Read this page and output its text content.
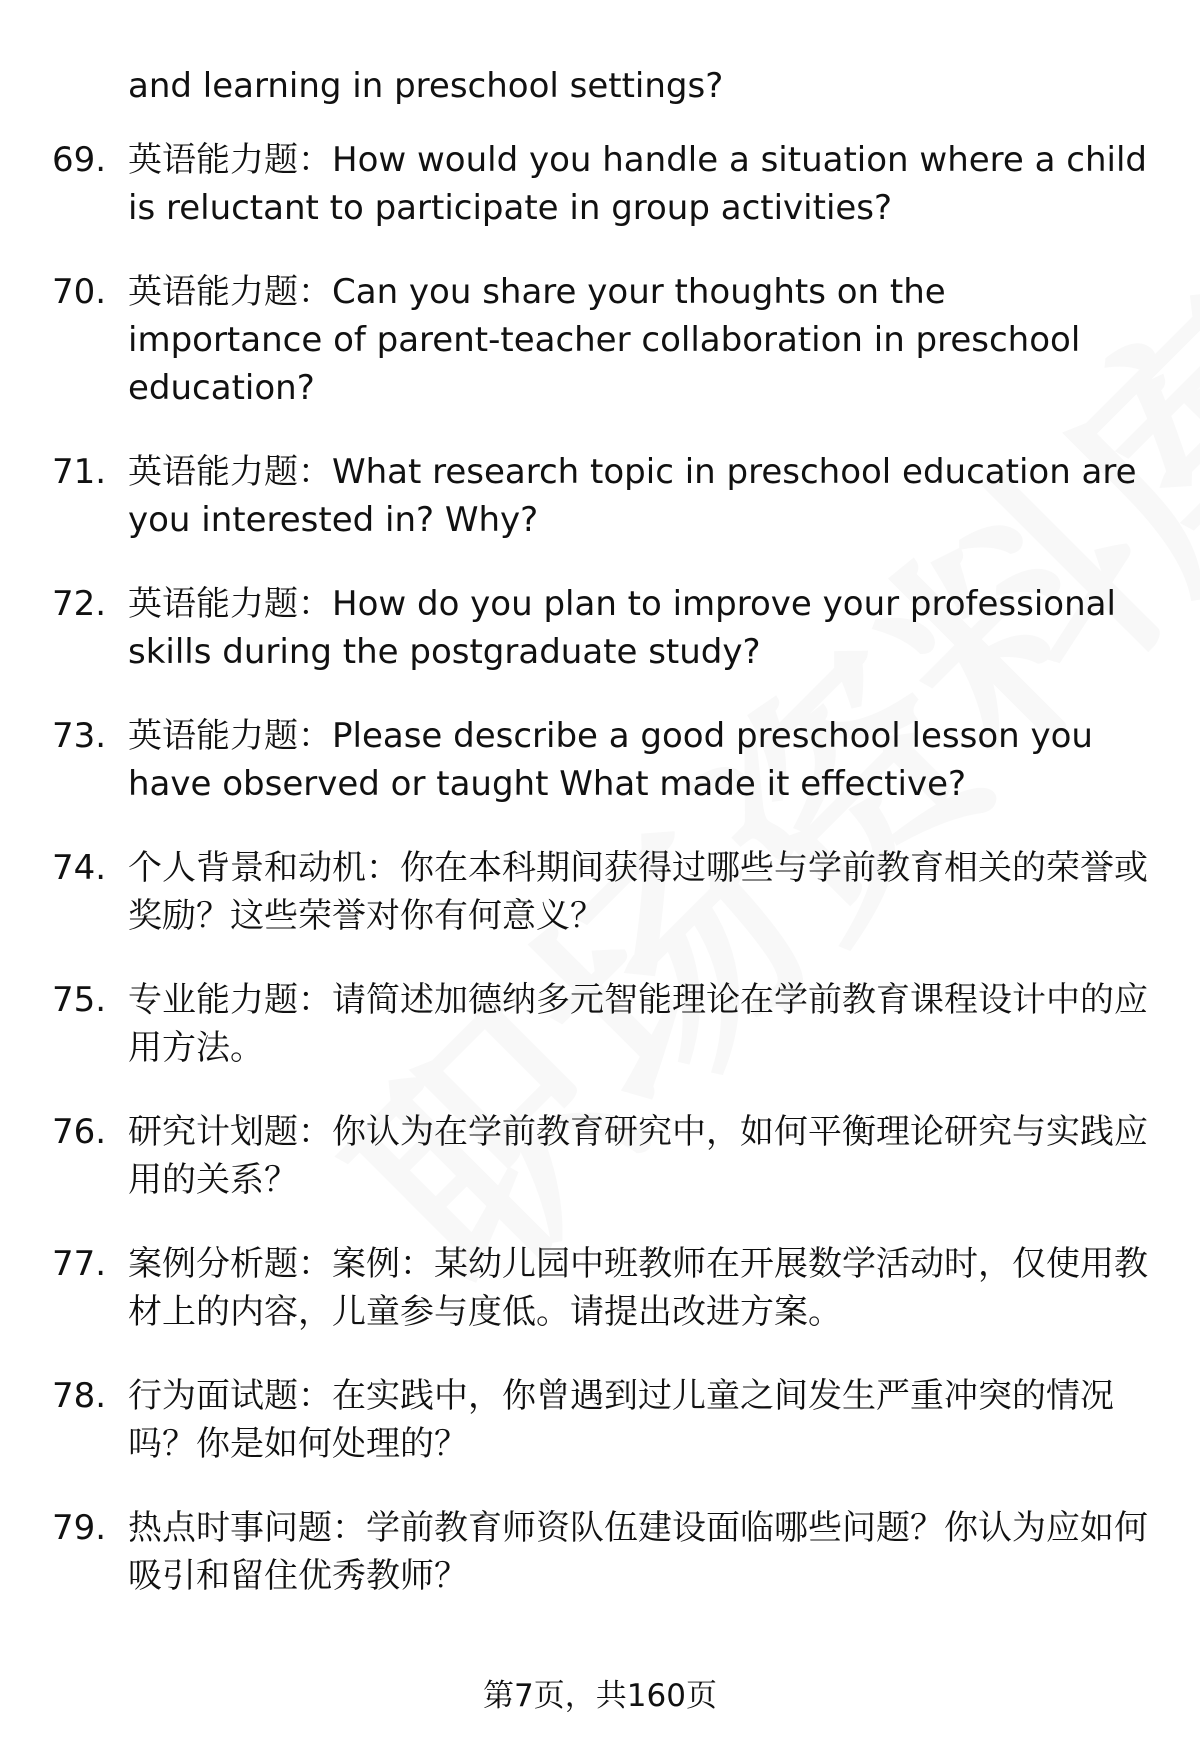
and learning in preschool settings?
69. 英语能力题：How would you handle a situation where a child is reluctant to participate in group activities?
70. 英语能力题：Can you share your thoughts on the importance of parent-teacher collaboration in preschool education?
71. 英语能力题：What research topic in preschool education are you interested in? Why?
72. 英语能力题：How do you plan to improve your professional skills during the postgraduate study?
73. 英语能力题：Please describe a good preschool lesson you have observed or taught What made it effective?
74. 个人背景和动机：你在本科期间获得过哪些与学前教育相关的荣誉或奖励？这些荣誉对你有何意义？
75. 专业能力题：请简述加德纳多元智能理论在学前教育课程设计中的应用方法。
76. 研究计划题：你认为在学前教育研究中，如何平衡理论研究与实践应用的关系？
77. 案例分析题：案例：某幼儿园中班教师在开展数学活动时，仅使用教材上的内容，儿童参与度低。请提出改进方案。
78. 行为面试题：在实践中，你曾遇到过儿童之间发生严重冲突的情况吗？你是如何处理的？
79. 热点时事问题：学前教育师资队伍建设面临哪些问题？你认为应如何吸引和留住优秀教师？
第7页，共160页
